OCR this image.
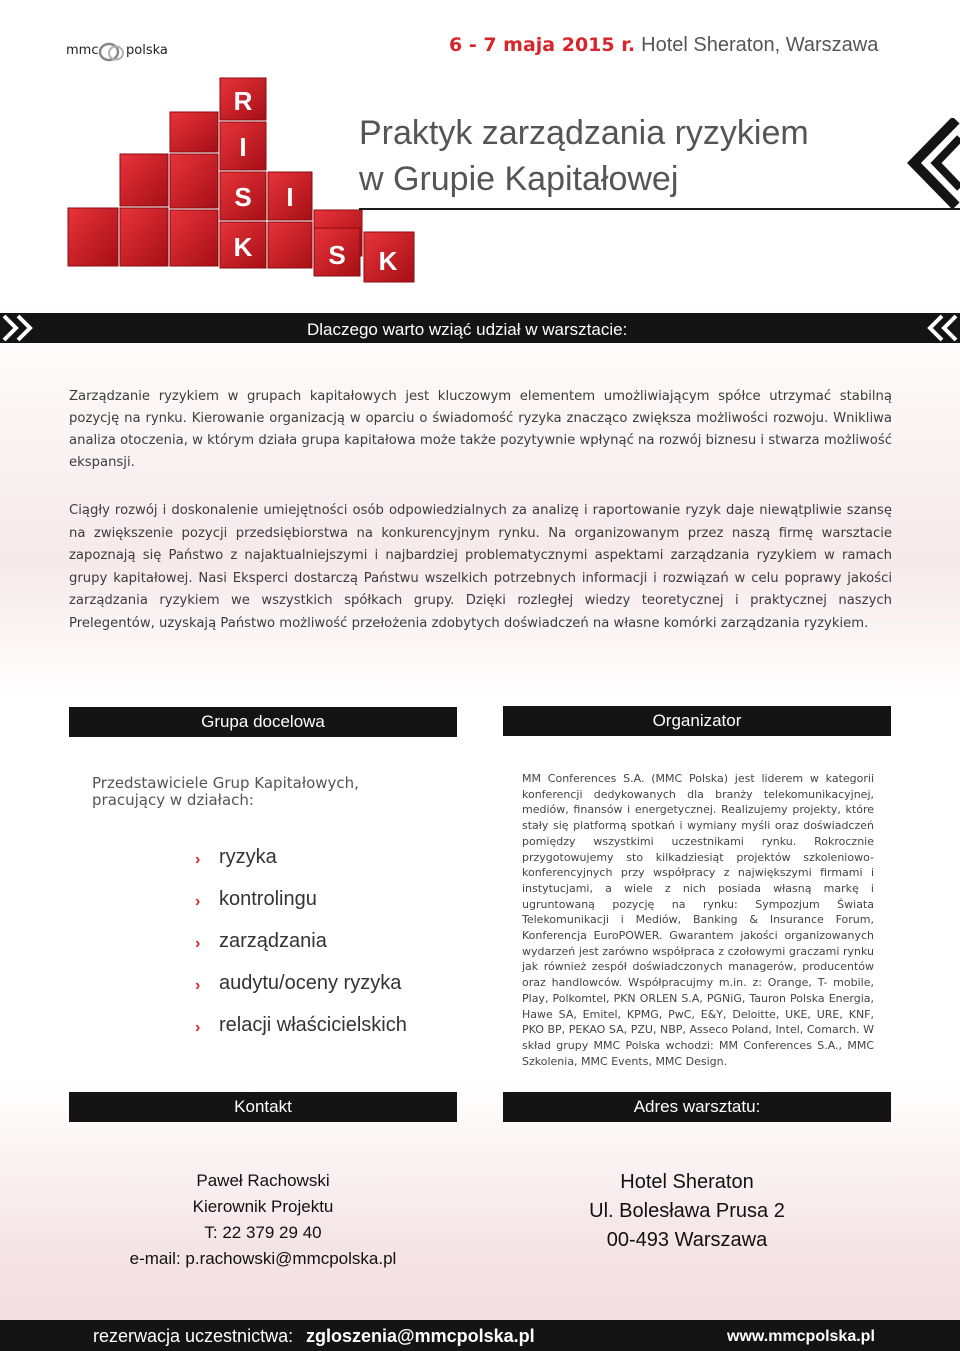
mmc polska	6 - 7 maja 2015 r. Hotel Sheraton, Warszawa
R
I
S
K
I
S K
Praktyk zarządzania ryzykiem
w Grupie Kapitałowej
Dlaczego warto wziąć udział w warsztacie:

Zarządzanie ryzykiem w grupach kapitałowych jest kluczowym elementem umożliwiającym spółce utrzymać stabilną pozycję na rynku. Kierowanie organizacją w oparciu o świadomość ryzyka znacząco zwiększa możliwości rozwoju. Wnikliwa analiza otoczenia, w którym działa grupa kapitałowa może także pozytywnie wpłynąć na rozwój biznesu i stwarza możliwość ekspansji.

Ciągły rozwój i doskonalenie umiejętności osób odpowiedzialnych za analizę i raportowanie ryzyk daje niewątpliwie szansę na zwiększenie pozycji przedsiębiorstwa na konkurencyjnym rynku. Na organizowanym przez naszą firmę warsztacie zapoznają się Państwo z najaktualniejszymi i najbardziej problematycznymi aspektami zarządzania ryzykiem w ramach grupy kapitałowej. Nasi Eksperci dostarczą Państwu wszelkich potrzebnych informacji i rozwiązań w celu poprawy jakości zarządzania ryzykiem we wszystkich spółkach grupy. Dzięki rozległej wiedzy teoretycznej i praktycznej naszych Prelegentów, uzyskają Państwo możliwość przełożenia zdobytych doświadczeń na własne komórki zarządzania ryzykiem.

Grupa docelowa	Organizator

Przedstawiciele Grup Kapitałowych, pracujący w działach:

› ryzyka
› kontrolingu
› zarządzania
› audytu/oceny ryzyka
› relacji właścicielskich

MM Conferences S.A. (MMC Polska) jest liderem w kategorii konferencji dedykowanych dla branży telekomunikacyjnej, mediów, finansów i energetycznej. Realizujemy projekty, które stały się platformą spotkań i wymiany myśli oraz doświadczeń pomiędzy wszystkimi uczestnikami rynku. Rokrocznie przygotowujemy sto kilkadziesiąt projektów szkoleniowo-konferencyjnych przy współpracy z największymi firmami i instytucjami, a wiele z nich posiada własną markę i ugruntowaną pozycję na rynku: Sympozjum Świata Telekomunikacji i Mediów, Banking & Insurance Forum, Konferencja EuroPOWER. Gwarantem jakości organizowanych wydarzeń jest zarówno współpraca z czołowymi graczami rynku jak również zespół doświadczonych managerów, producentów oraz handlowców. Współpracujmy m.in. z: Orange, T- mobile, Play, Polkomtel, PKN ORLEN S.A, PGNiG, Tauron Polska Energia, Hawe SA, Emitel, KPMG, PwC, E&Y, Deloitte, UKE, URE, KNF, PKO BP, PEKAO SA, PZU, NBP, Asseco Poland, Intel, Comarch. W skład grupy MMC Polska wchodzi: MM Conferences S.A., MMC Szkolenia, MMC Events, MMC Design.

Kontakt	Adres warsztatu:
Paweł Rachowski
Kierownik Projektu
T: 22 379 29 40
e-mail: p.rachowski@mmcpolska.pl
Hotel Sheraton
Ul. Bolesława Prusa 2
00-493 Warszawa
rezerwacja uczestnictwa: zgloszenia@mmcpolska.pl	www.mmcpolska.pl
